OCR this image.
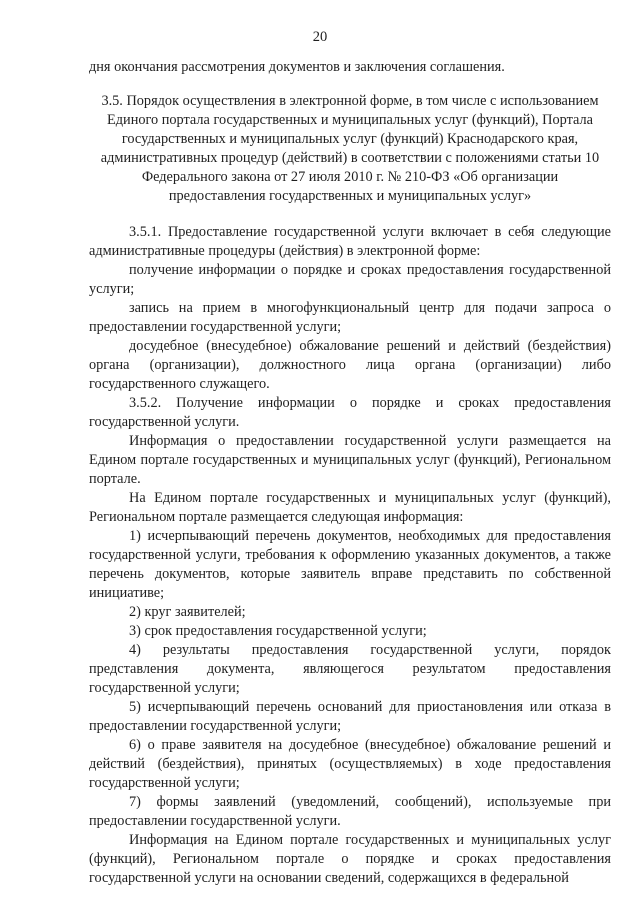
20

дня окончания рассмотрения документов и заключения соглашения.

3.5. Порядок осуществления в электронной форме, в том числе с использованием Единого портала государственных и муниципальных услуг (функций), Портала государственных и муниципальных услуг (функций) Краснодарского края, административных процедур (действий) в соответствии с положениями статьи 10 Федерального закона от 27 июля 2010 г. № 210-ФЗ «Об организации предоставления государственных и муниципальных услуг»

3.5.1. Предоставление государственной услуги включает в себя следующие административные процедуры (действия) в электронной форме:

получение информации о порядке и сроках предоставления государственной услуги;

запись на прием в многофункциональный центр для подачи запроса о предоставлении государственной услуги;

досудебное (внесудебное) обжалование решений и действий (бездействия) органа (организации), должностного лица органа (организации) либо государственного служащего.

3.5.2. Получение информации о порядке и сроках предоставления государственной услуги.

Информация о предоставлении государственной услуги размещается на Едином портале государственных и муниципальных услуг (функций), Региональном портале.

На Едином портале государственных и муниципальных услуг (функций), Региональном портале размещается следующая информация:

1) исчерпывающий перечень документов, необходимых для предоставления государственной услуги, требования к оформлению указанных документов, а также перечень документов, которые заявитель вправе представить по собственной инициативе;

2) круг заявителей;

3) срок предоставления государственной услуги;

4) результаты предоставления государственной услуги, порядок представления документа, являющегося результатом предоставления государственной услуги;

5) исчерпывающий перечень оснований для приостановления или отказа в предоставлении государственной услуги;

6) о праве заявителя на досудебное (внесудебное) обжалование решений и действий (бездействия), принятых (осуществляемых) в ходе предоставления государственной услуги;

7) формы заявлений (уведомлений, сообщений), используемые при предоставлении государственной услуги.

Информация на Едином портале государственных и муниципальных услуг (функций), Региональном портале о порядке и сроках предоставления государственной услуги на основании сведений, содержащихся в федеральной
